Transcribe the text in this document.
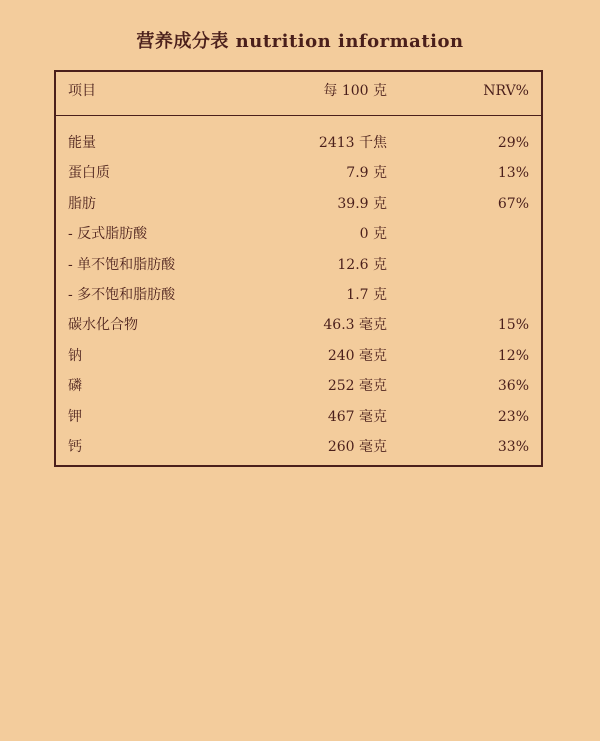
营养成分表 nutrition information
项目	每 100 克	NRV%
能量	2413 千焦	29%
蛋白质	7.9 克	13%
脂肪	39.9 克	67%
- 反式脂肪酸	0 克
- 单不饱和脂肪酸	12.6 克
- 多不饱和脂肪酸	1.7 克
碳水化合物	46.3 毫克	15%
钠	240 毫克	12%
磷	252 毫克	36%
钾	467 毫克	23%
钙	260 毫克	33%
